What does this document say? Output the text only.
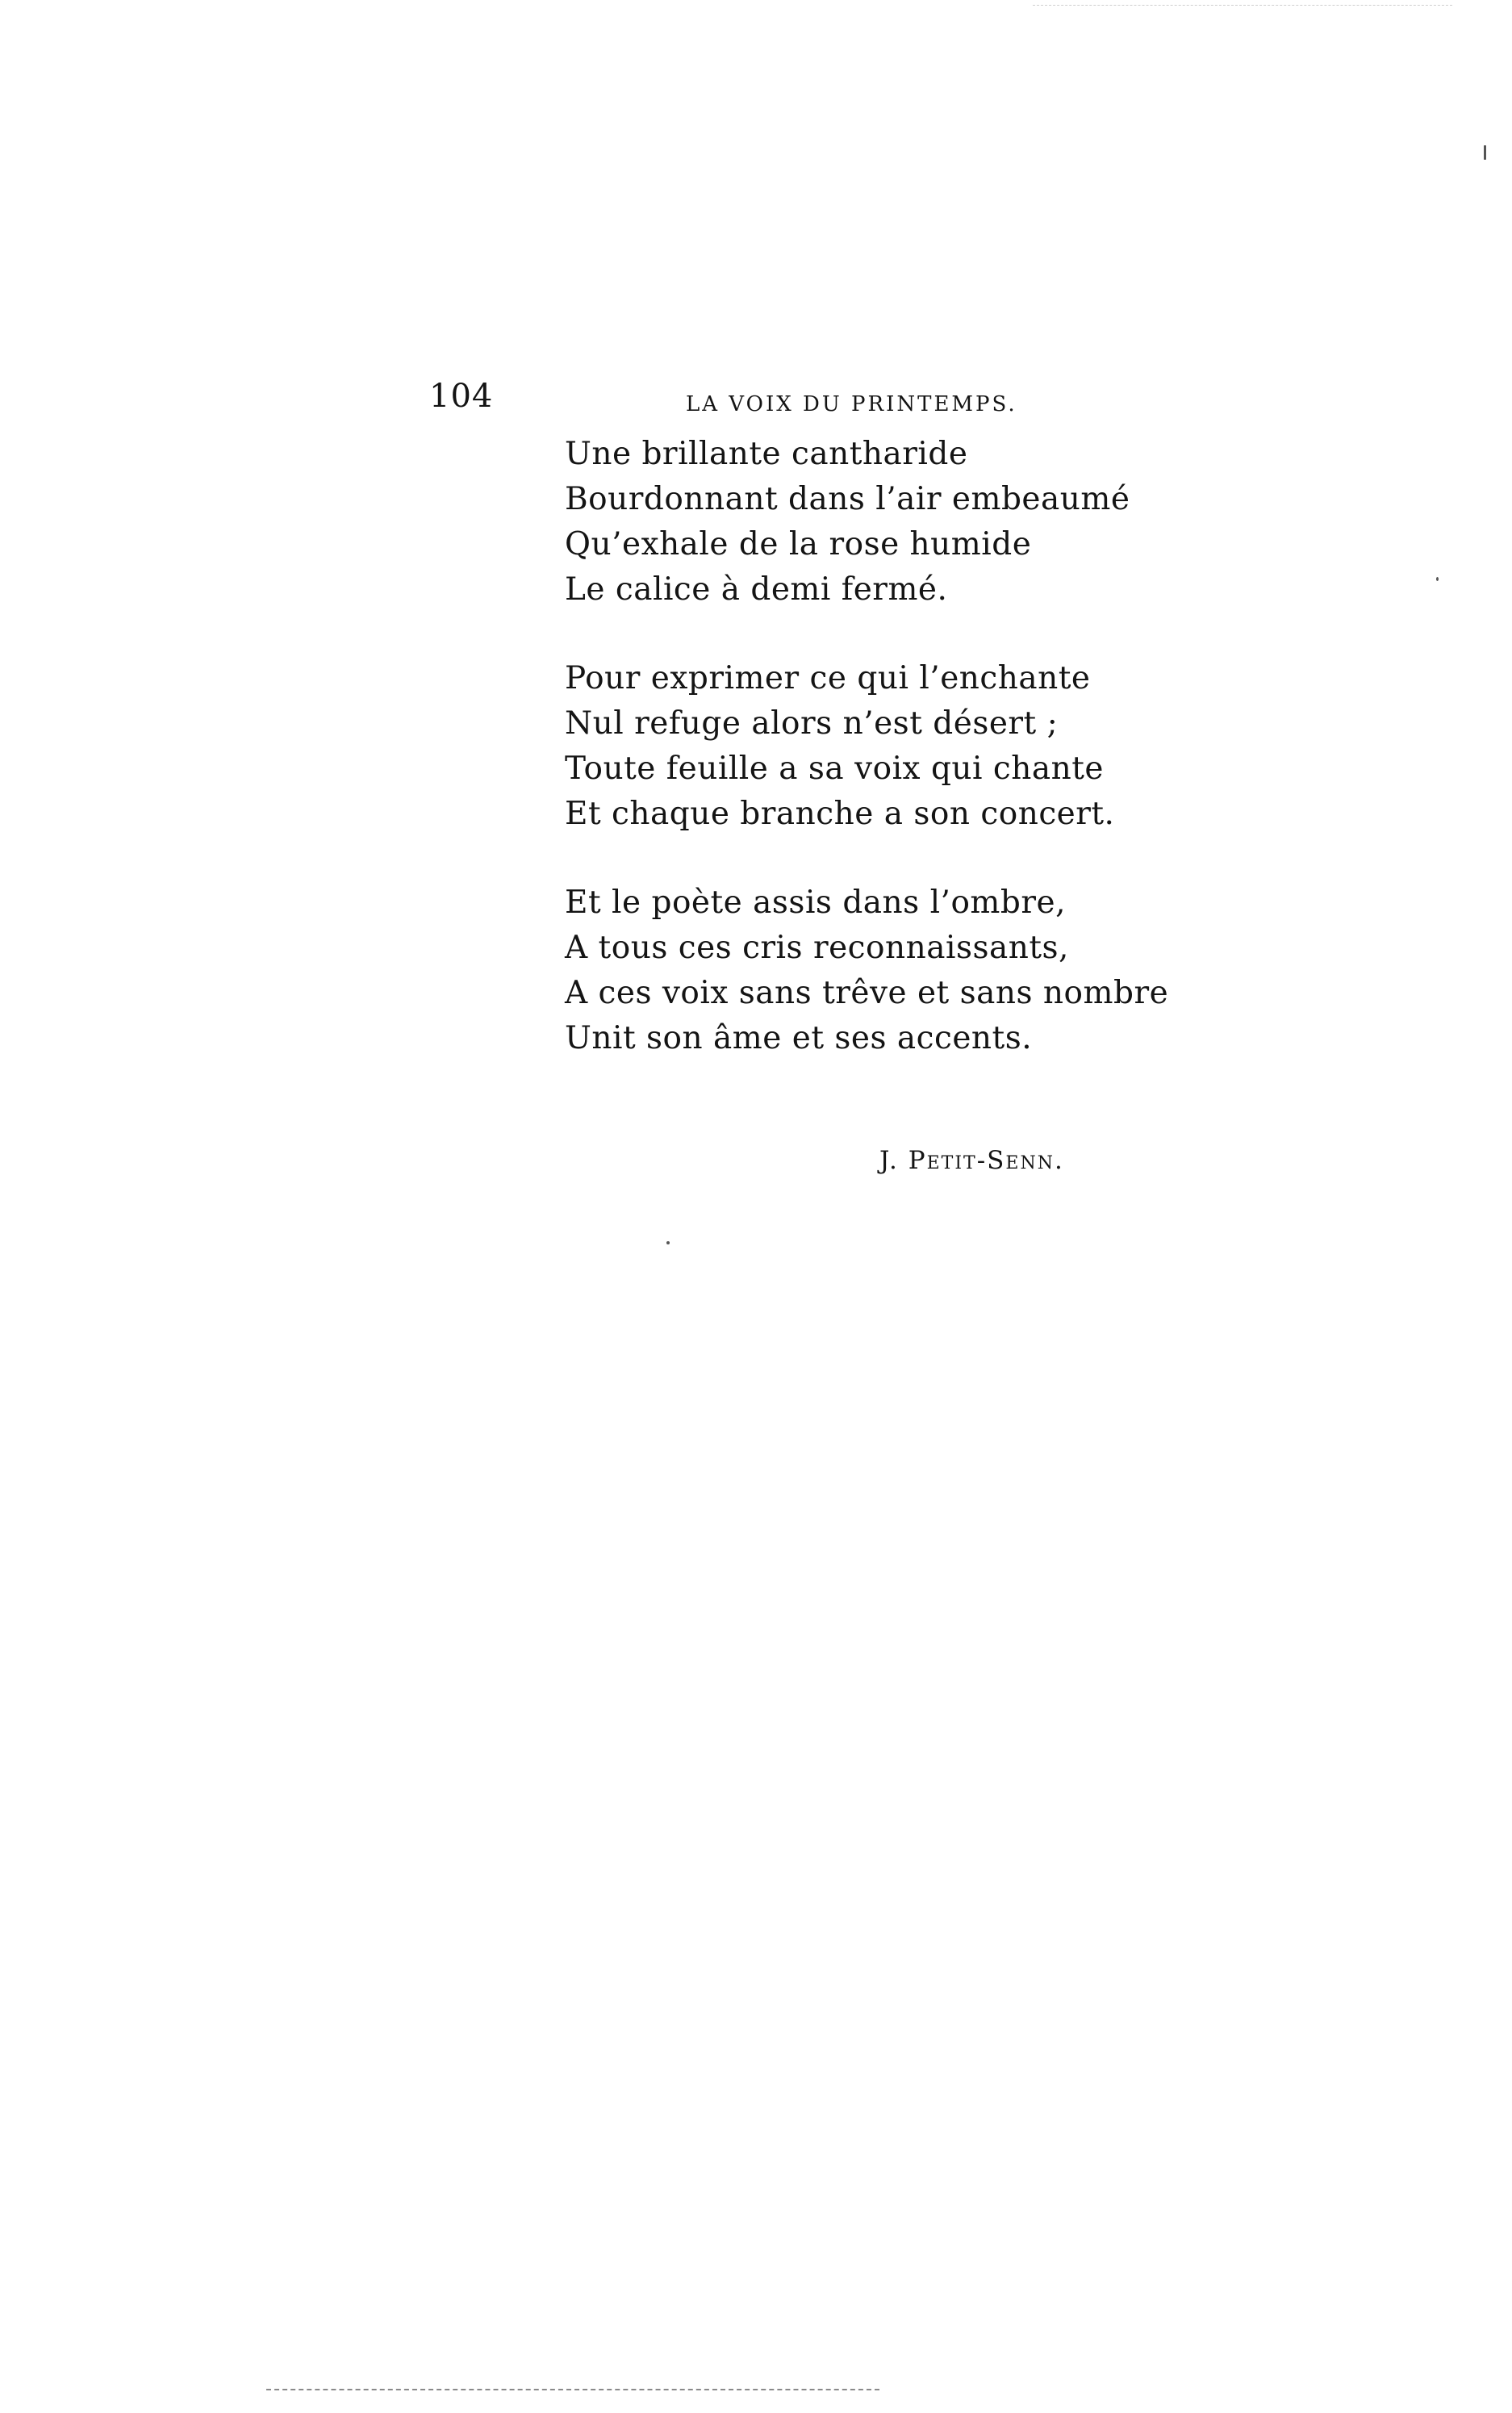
104	LA VOIX DU PRINTEMPS.
Une brillante cantharide
Bourdonnant dans l’air embeaumé
Qu’exhale de la rose humide
Le calice à demi fermé.
Pour exprimer ce qui l’enchante
Nul refuge alors n’est désert ;
Toute feuille a sa voix qui chante
Et chaque branche a son concert.
Et le poète assis dans l’ombre,
A tous ces cris reconnaissants,
A ces voix sans trêve et sans nombre
Unit son âme et ses accents.
J. Petit-Senn.
